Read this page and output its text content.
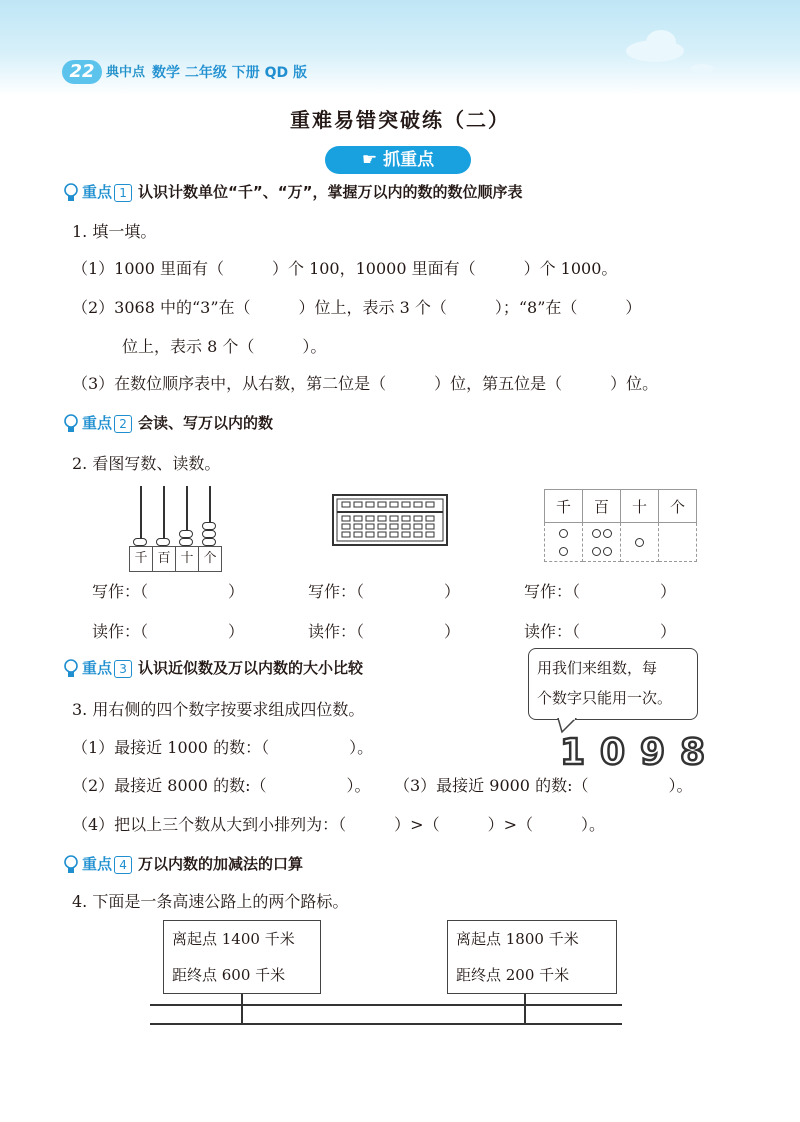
22 典中点 数学 二年级 下册 QD 版
重难易错突破练（二）
☛ 抓重点
重点 1 认识计数单位“千”、“万”，掌握万以内的数的数位顺序表
1. 填一填。
（1）1000 里面有（　　　）个 100，10000 里面有（　　　）个 1000。
（2）3068 中的“3”在（　　　）位上，表示 3 个（　　　）；“8”在（　　　）
位上，表示 8 个（　　　）。
（3）在数位顺序表中，从右数，第二位是（　　　）位，第五位是（　　　）位。
重点 2 会读、写万以内的数
2. 看图写数、读数。
千 百 十 个
千	百	十	个

写作：（　　　　　）	写作：（　　　　　）	写作：（　　　　　）
读作：（　　　　　）	读作：（　　　　　）	读作：（　　　　　）
重点 3 认识近似数及万以内数的大小比较	用我们来组数，每
个数字只能用一次。
1 0 9 8
3. 用右侧的四个数字按要求组成四位数。
（1）最接近 1000 的数：（　　　　　）。
（2）最接近 8000 的数:（　　　　　）。 （3）最接近 9000 的数:（　　　　　）。
（4）把以上三个数从大到小排列为：（　　　）>（　　　）>（　　　）。
重点 4 万以内数的加减法的口算
4. 下面是一条高速公路上的两个路标。
离起点 1400 千米
距终点 600 千米
离起点 1800 千米
距终点 200 千米
